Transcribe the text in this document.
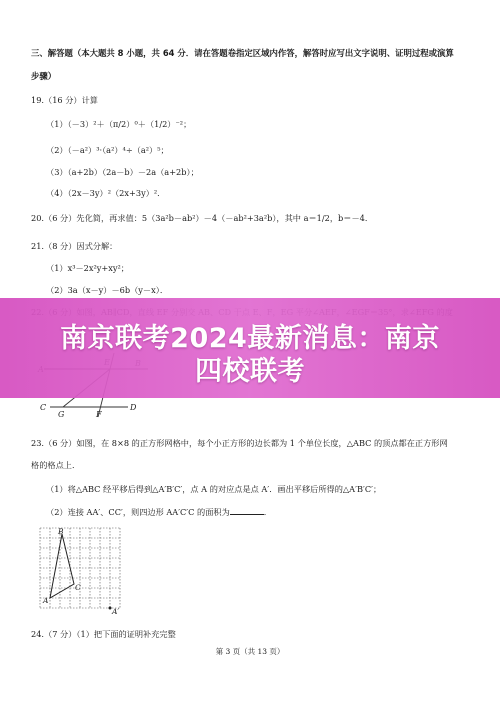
三、解答题（本大题共 8 小题，共 64 分．请在答题卷指定区域内作答，解答时应写出文字说明、证明过程或演算
步骤）
19.（16 分）计算
（1）（－3）²＋（π/2）⁰＋（1/2）⁻²；
（2）（－a²）³·（a²）⁴÷（a²）⁵；
（3）（a+2b）（2a－b）－2a（a+2b）；
（4）（2x－3y）²（2x+3y）²．
20.（6 分）先化简，再求值：5（3a²b－ab²）－4（－ab²+3a²b），其中 a＝1/2，b＝－4．
21.（8 分）因式分解：
（1）x³－2x²y+xy²；
（2）3a（x－y）－6b（y－x）．
C
G	F
D
南京联考2024最新消息：南京
四校联考
23.（6 分）如图，在 8×8 的正方形网格中，每个小正方形的边长都为 1 个单位长度，△ABC 的顶点都在正方形网
格的格点上．
（1）将△ABC 经平移后得到△A′B′C′，点 A 的对应点是点 A′．画出平移后所得的△A′B′C′；
（2）连接 AA′、CC′，则四边形 AA′C′C 的面积为	．
B
C
A
A′
24.（7 分）（1）把下面的证明补充完整
第 3 页（共 13 页）
